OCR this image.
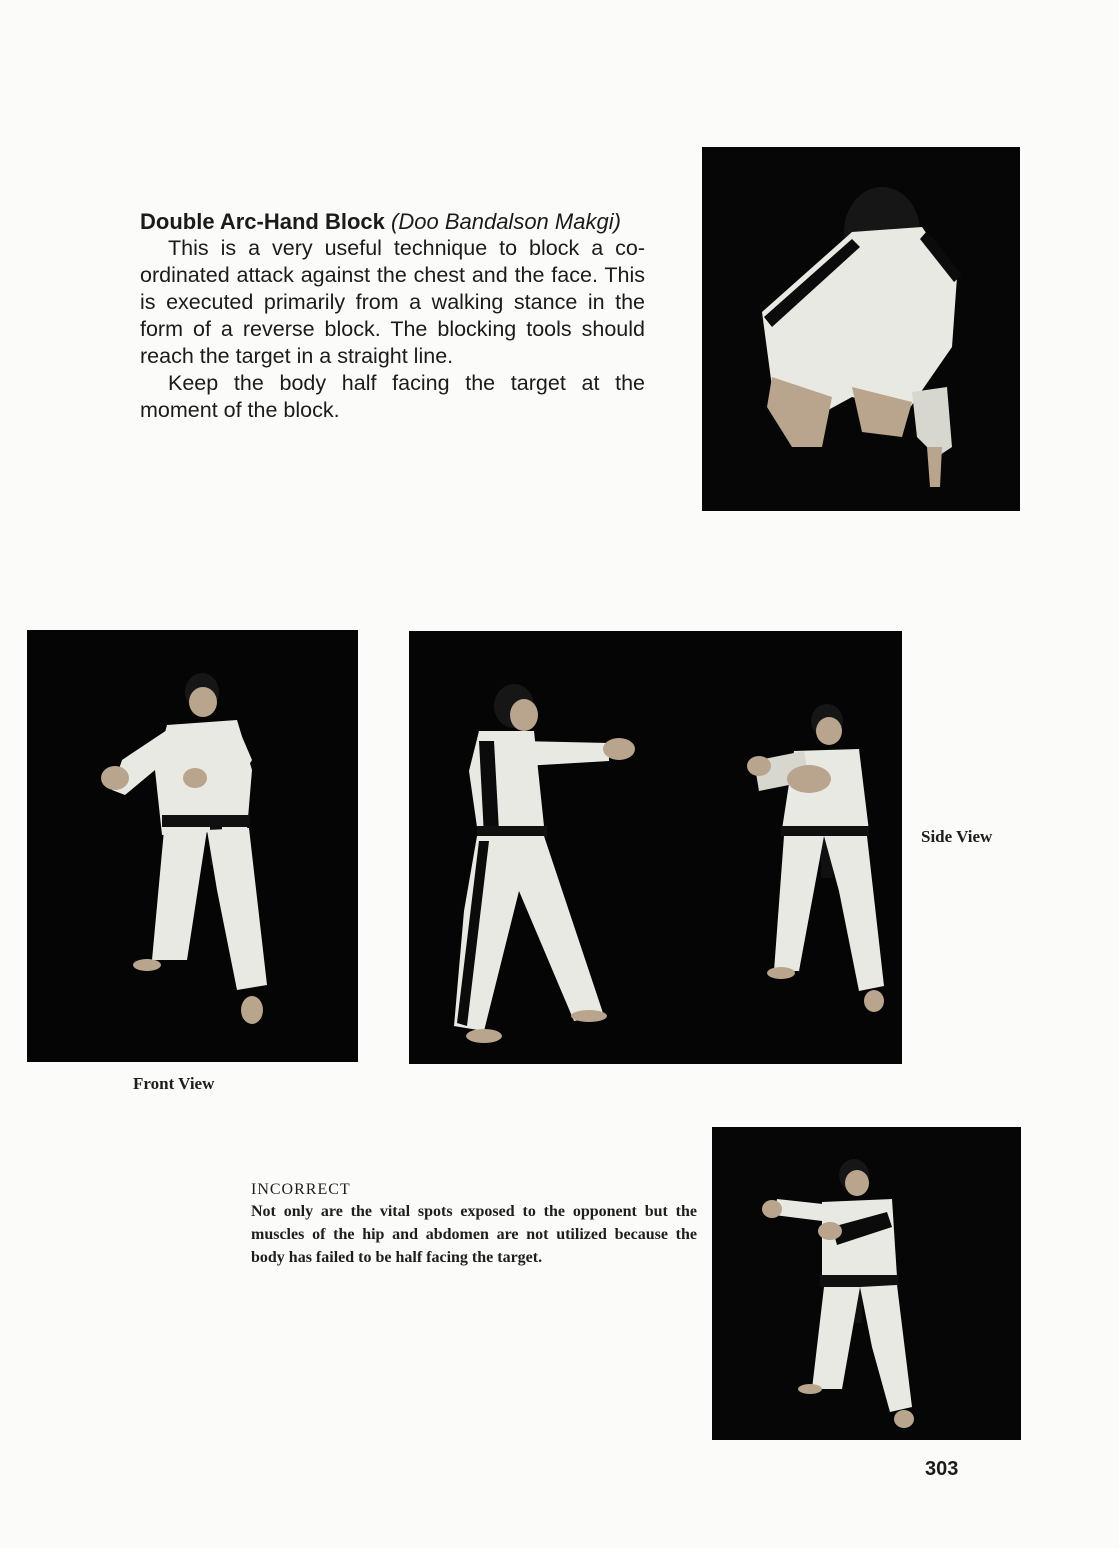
Double Arc-Hand Block (Doo Bandalson Makgi)

This is a very useful technique to block a co-ordinated attack against the chest and the face. This is executed primarily from a walking stance in the form of a reverse block. The blocking tools should reach the target in a straight line.

Keep the body half facing the target at the moment of the block.

Side View
Front View
INCORRECT

Not only are the vital spots exposed to the opponent but the muscles of the hip and abdomen are not utilized because the body has failed to be half facing the target.

303
